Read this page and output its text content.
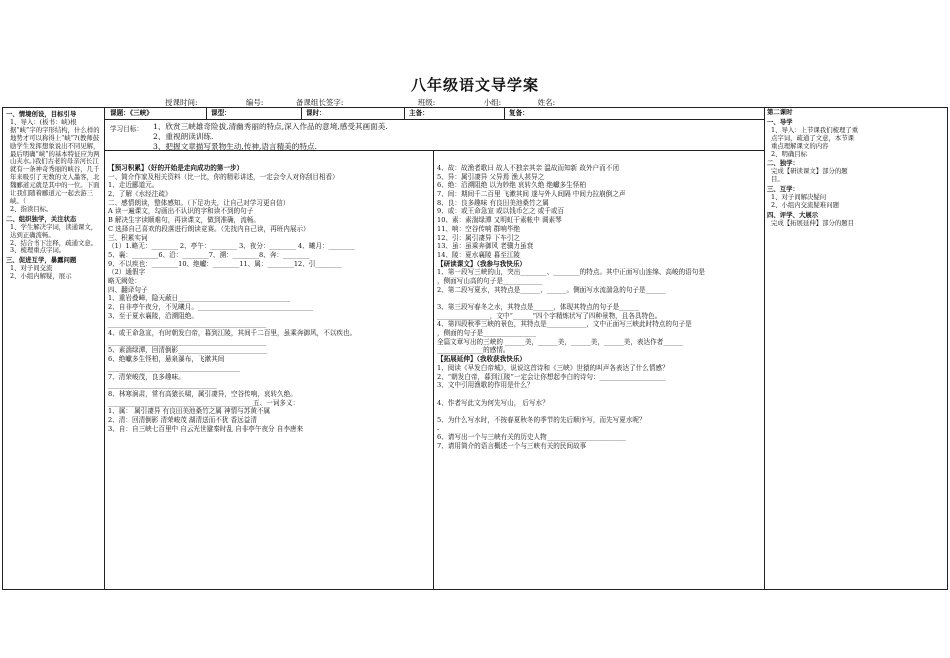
八年级语文导学案
授课时间:	编号:	备课组长签字:	班级:	小组:	姓名:
课题：《三峡》	课型：	课时：	主备：	复备：
学习目标： 1、欣赏三峡雄奇险拔,清幽秀丽的特点,深入作品的意境,感受其画面美.
2、重视朗读训练.
3、把握文章描写景物生动,传神,语言精美的特点.
一、情境创设，目标引导
1、导入：(板书：峡)根据“峡”字的字形结构，什么样的地势才可以称得上“峡”?(教师鼓励学生发挥想象说出不同见解，最后明确“峡”的基本特征应为两山夹水。)我们古老的母亲河长江就有一条神奇秀丽的峡谷，几千年来吸引了无数的文人墨客，北魏郦道元就是其中的一位。下面让我们随着郦道元一起去游三峡。（
2、指读目标。
二、组织独学，关注状态
1、学生解决字词，读通课文，达到正确流畅。
2、结合书下注释，疏通文意。
3、梳理重点字词。
三、促进互学，暴露问题
1、对子间交流
2、小组内解疑，展示
【预习积累】（好的开始是走向成功的第一步）
一、简介作家及相关资料（比一比，你的精彩讲述，一定会令人对你刮目相看）
1、走近郦道元。
2、了解《水经注疏》
二、感情朗读，整体感知。（下足功夫，让自己对学习更自信）
A 读一遍课文，勾画出不认识的字和读不到的句子
B 解决生字读顺难句，再读课文，做到准确，流畅。
C 选择自己喜欢的段落进行朗读竞赛。（先找内自己读，再班内展示）
三、积累实词
（1）1.略无：________ 2、亭午：________ 3、夜分：________ 4、曦月：________
5、襄：________6、沿：________7、溯：________8、奔：________
9、不以疾也：________10、绝巘：________11、属：________12、引________
（2）通假字
略无阙处：
四、翻译句子
1、重岩叠嶂，隐天蔽日__________________________________
2、自非亭午夜分，不见曦月。___________________________________
3、至于夏水襄陵，沿溯阻绝。
________________________________________________
4、或王命急宣，有时朝发白帝，暮到江陵，其间千二百里，虽乘奔御风，不以疾也。
________________________________________________
5、素湍绿潭，回清倒影___________________________
6、绝巘多生怪柏，悬泉瀑布，飞漱其间
________________________________________
7、清荣峻茂，良多趣味。
_________________________________
8、林寒涧肃，常有高猿长啸，属引凄异，空谷传响，哀转久绝。
____________________________________________五、一词多义：
1、属： 属引凄异 有良田美池桑竹之属 神情与苏黄不属
2、清：回清倒影 清荣峻茂 湖清送而不犹 香远益清
3、自：自三峡七百里中 自云光世避秦时乱 自非亭午夜分 自李唐来
4、故：故渔者歌曰 故人不独亲其亲 温故而知新 故外户而不闭
5、异：属引凄异 父异焉 渔人甚异之
6、绝：沿溯阻绝 以为妙绝 哀转久绝 绝巘多生怪柏
7、间：期间千二百里 飞漱其间 遂与外人间隔 中间力拉崩倒之声
8、良：良多趣味 有良田美池桑竹之属
9、或：或王命急宣 或以钱币乞之 或千或百
10、素：素湍绿潭 又明虹干素帐中 调素琴
11、响：空谷传响 群响毕绝
12、引：属引凄异 下车引之
13、虽：虽乘奔御风 老骥力虽衰
14、陵：夏水襄陵 暮至江陵
【研读课文】（我参与我快乐）
1、第一段写三峡的山，突出________、________的特点。其中正面写山连绵、高峻的语句是
，侧面写山高的句子是____________
2、第二段写夏水，其特点是______、______。侧面写水流湍急的句子是______
3、第三段写春冬之水，其特点是______，体现其特点的句子是______
________________，文中“______”四个字精炼状写了四种景物，且各具特色。
4、第四段秋季三峡的景色，其特点是____________，文中正面写三峡此时特点的句子是
，侧面的句子是________________
全篇文章写出的三峡的 ______美，______美，______美，______美，表达作者______
______________的感情。
【拓展延伸】（我收获我快乐）
1、阅读《早发白帝城》，说说这首诗和《三峡》世猿的叫声各表达了什么情感？
2、“朝发白帝，暮到江陵”一定会让你想起李白的诗句：____________________
3、文中引用渔歌的作用是什么？
4、作者写此文为何先写山， 后写水？
5、为什么写水时，不按春夏秋冬的季节的先后顺序写，而先写夏水呢？
-
6、请写出一个与三峡有关的历史人物________________________
7、请用简介的语言概述一个与三峡有关的民间故事
第二课时
一、导学
1、导入：上节课我们梳理了重点字词，疏通了文意，本节课重点理解课文的内容
2、明确目标
二、独学：
完成【研读课文】部分的题目。
三、互学：
1、对子间解决疑问
2、小组内交流疑难问题
四、评学、大展示
完成【拓展延伸】部分的题目
